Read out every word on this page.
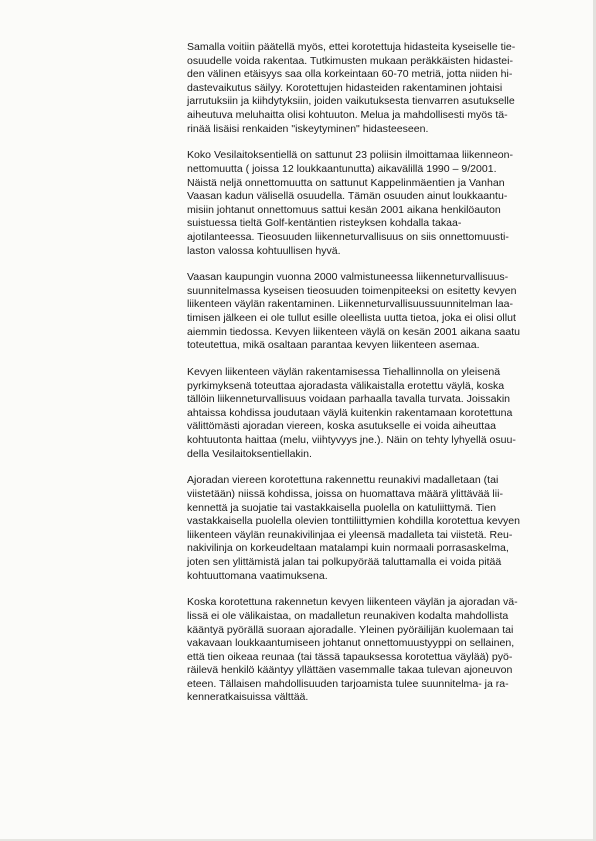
Samalla voitiin päätellä myös, ettei korotettuja hidasteita kyseiselle tie-
osuudelle voida rakentaa. Tutkimusten mukaan peräkkäisten hidastei-
den välinen etäisyys saa olla korkeintaan 60-70 metriä, jotta niiden hi-
dastevaikutus säilyy. Korotettujen hidasteiden rakentaminen johtaisi
jarrutuksiin ja kiihdytyksiin, joiden vaikutuksesta tienvarren asutukselle
aiheutuva meluhaitta olisi kohtuuton. Melua ja mahdollisesti myös tä-
rinää lisäisi renkaiden "iskeytyminen" hidasteeseen.

Koko Vesilaitoksentiellä on sattunut 23 poliisin ilmoittamaa liikenneon-
nettomuutta ( joissa 12 loukkaantunutta) aikavälillä 1990 – 9/2001.
Näistä neljä onnettomuutta on sattunut Kappelinmäentien ja Vanhan
Vaasan kadun välisellä osuudella. Tämän osuuden ainut loukkaantu-
misiin johtanut onnettomuus sattui kesän 2001 aikana henkilöauton
suistuessa tieltä Golf-kentäntien risteyksen kohdalla takaa-
ajotilanteessa. Tieosuuden liikenneturvallisuus on siis onnettomuusti-
laston valossa kohtuullisen hyvä.

Vaasan kaupungin vuonna 2000 valmistuneessa liikenneturvallisuus-
suunnitelmassa kyseisen tieosuuden toimenpiteeksi on esitetty kevyen
liikenteen väylän rakentaminen. Liikenneturvallisuussuunnitelman laa-
timisen jälkeen ei ole tullut esille oleellista uutta tietoa, joka ei olisi ollut
aiemmin tiedossa. Kevyen liikenteen väylä on kesän 2001 aikana saatu
toteutettua, mikä osaltaan parantaa kevyen liikenteen asemaa.

Kevyen liikenteen väylän rakentamisessa Tiehallinnolla on yleisenä
pyrkimyksenä toteuttaa ajoradasta välikaistalla erotettu väylä, koska
tällöin liikenneturvallisuus voidaan parhaalla tavalla turvata. Joissakin
ahtaissa kohdissa joudutaan väylä kuitenkin rakentamaan korotettuna
välittömästi ajoradan viereen, koska asutukselle ei voida aiheuttaa
kohtuutonta haittaa (melu, viihtyvyys jne.). Näin on tehty lyhyellä osuu-
della Vesilaitoksentiellakin.

Ajoradan viereen korotettuna rakennettu reunakivi madalletaan (tai
viistetään) niissä kohdissa, joissa on huomattava määrä ylittävää lii-
kennettä ja suojatie tai vastakkaisella puolella on katuliittymä. Tien
vastakkaisella puolella olevien tonttiliittymien kohdilla korotettua kevyen
liikenteen väylän reunakivilinjaa ei yleensä madalleta tai viistetä. Reu-
nakivilinja on korkeudeltaan matalampi kuin normaali porrasaskelma,
joten sen ylittämistä jalan tai polkupyörää taluttamalla ei voida pitää
kohtuuttomana vaatimuksena.

Koska korotettuna rakennetun kevyen liikenteen väylän ja ajoradan vä-
lissä ei ole välikaistaa, on madalletun reunakiven kodalta mahdollista
kääntyä pyörällä suoraan ajoradalle. Yleinen pyöräilijän kuolemaan tai
vakavaan loukkaantumiseen johtanut onnettomuustyyppi on sellainen,
että tien oikeaa reunaa (tai tässä tapauksessa korotettua väylää) pyö-
räilevä henkilö kääntyy yllättäen vasemmalle takaa tulevan ajoneuvon
eteen. Tällaisen mahdollisuuden tarjoamista tulee suunnitelma- ja ra-
kenneratkaisuissa välttää.
